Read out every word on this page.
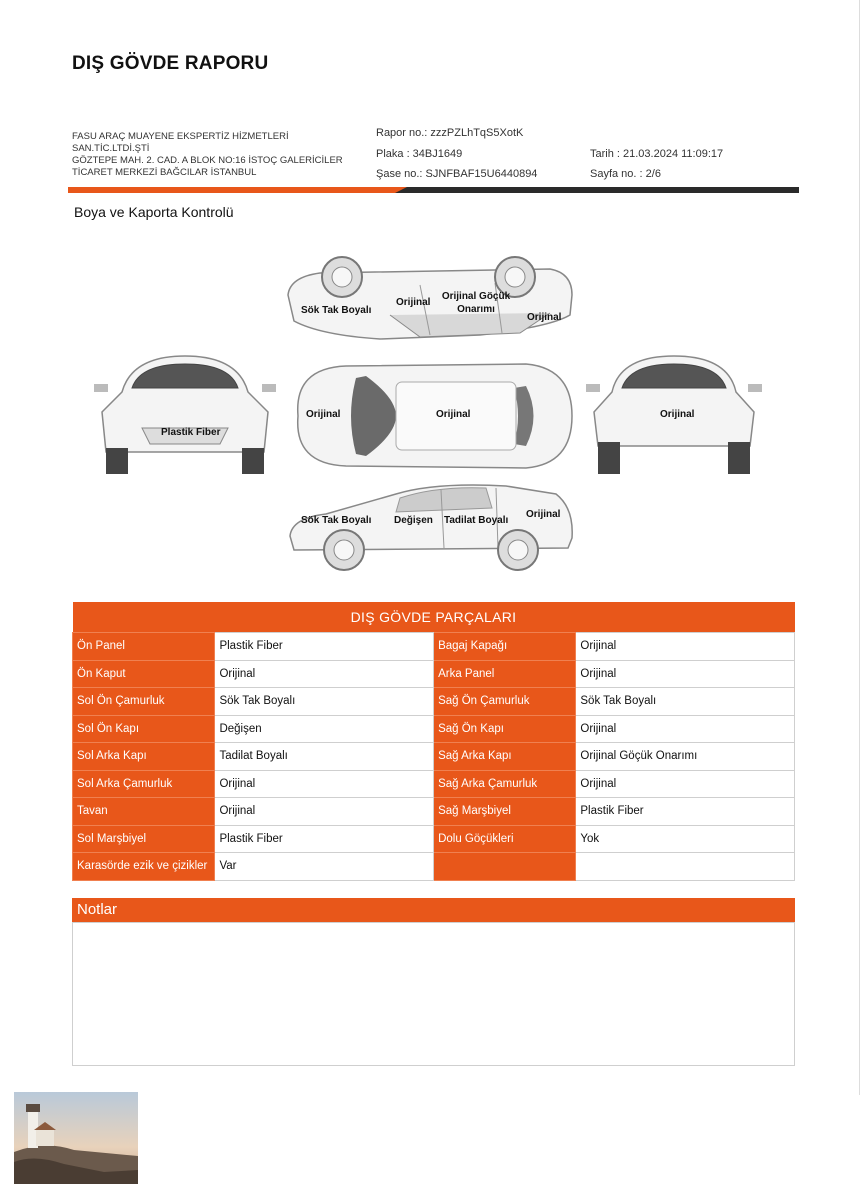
DIŞ GÖVDE RAPORU
FASU ARAÇ MUAYENE EKSPERTİZ HİZMETLERİ
SAN.TİC.LTDİ.ŞTİ
GÖZTEPE MAH. 2. CAD. A BLOK NO:16 İSTOÇ GALERİCİLER
TİCARET MERKEZİ BAĞCILAR İSTANBUL
Rapor no.: zzzPZLhTqS5XotK
Plaka : 34BJ1649
Şase no.: SJNFBAF15U6440894
Tarih : 21.03.2024 11:09:17
Sayfa no. : 2/6
Boya ve Kaporta Kontrolü
Sök Tak Boyalı
Orijinal
Orijinal Göçük Onarımı
Orijinal
Plastik Fiber
Orijinal	Orijinal	Orijinal
Sök Tak Boyalı Değişen Tadilat Boyalı
Orijinal
DIŞ GÖVDE PARÇALARI			
Ön Panel	Plastik Fiber	Bagaj Kapağı	Orijinal
Ön Kaput	Orijinal	Arka Panel	Orijinal
Sol Ön Çamurluk	Sök Tak Boyalı	Sağ Ön Çamurluk	Sök Tak Boyalı
Sol Ön Kapı	Değişen	Sağ Ön Kapı	Orijinal
Sol Arka Kapı	Tadilat Boyalı	Sağ Arka Kapı	Orijinal Göçük Onarımı
Sol Arka Çamurluk	Orijinal	Sağ Arka Çamurluk	Orijinal
Tavan	Orijinal	Sağ Marşbiyel	Plastik Fiber
Sol Marşbiyel	Plastik Fiber	Dolu Göçükleri	Yok
Karasörde ezik ve çizikler	Var		
Notlar
